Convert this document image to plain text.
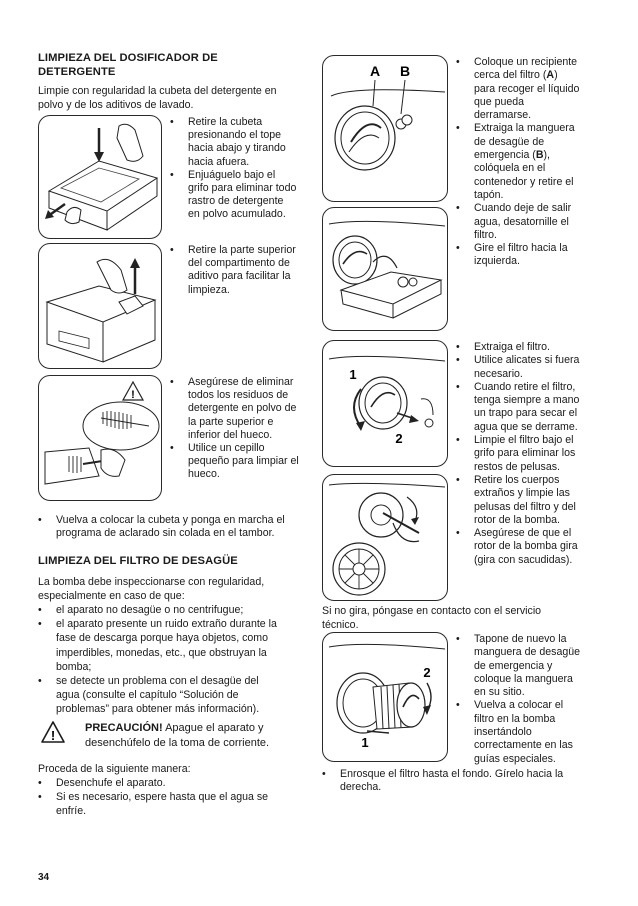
LIMPIEZA DEL DOSIFICADOR DE
DETERGENTE
Limpie con regularidad la cubeta del detergente en
polvo y de los aditivos de lavado.
• Retire la cubeta
presionando el tope
hacia abajo y tirando
hacia afuera.
• Enjuáguelo bajo el
grifo para eliminar todo
rastro de detergente
en polvo acumulado.
• Retire la parte superior
del compartimento de
aditivo para facilitar la
limpieza.
!
• Asegúrese de eliminar
todos los residuos de
detergente en polvo de
la parte superior e
inferior del hueco.
• Utilice un cepillo
pequeño para limpiar el
hueco.
• Vuelva a colocar la cubeta y ponga en marcha el
programa de aclarado sin colada en el tambor.
LIMPIEZA DEL FILTRO DE DESAGÜE
La bomba debe inspeccionarse con regularidad,
especialmente en caso de que:
• el aparato no desagüe o no centrifugue;
• el aparato presente un ruido extraño durante la
fase de descarga porque haya objetos, como
imperdibles, monedas, etc., que obstruyan la
bomba;
• se detecte un problema con el desagüe del
agua (consulte el capítulo “Solución de
problemas” para obtener más información).
!	PRECAUCIÓN! Apague el aparato y
desenchúfelo de la toma de corriente.
Proceda de la siguiente manera:
• Desenchufe el aparato.
• Si es necesario, espere hasta que el agua se
enfríe.
34
A B
• Coloque un recipiente
cerca del filtro (A)
para recoger el líquido
que pueda
derramarse.
• Extraiga la manguera
de desagüe de
emergencia (B),
colóquela en el
contenedor y retire el
tapón.
• Cuando deje de salir
agua, desatornille el
filtro.
• Gire el filtro hacia la
izquierda.
1
2
• Extraiga el filtro.
• Utilice alicates si fuera
necesario.
• Cuando retire el filtro,
tenga siempre a mano
un trapo para secar el
agua que se derrame.
• Limpie el filtro bajo el
grifo para eliminar los
restos de pelusas.
• Retire los cuerpos
extraños y limpie las
pelusas del filtro y del
rotor de la bomba.
• Asegúrese de que el
rotor de la bomba gira
(gira con sacudidas).
Si no gira, póngase en contacto con el servicio
técnico.
2
1
• Tapone de nuevo la
manguera de desagüe
de emergencia y
coloque la manguera
en su sitio.
• Vuelva a colocar el
filtro en la bomba
insertándolo
correctamente en las
guías especiales.
• Enrosque el filtro hasta el fondo. Gírelo hacia la
derecha.
